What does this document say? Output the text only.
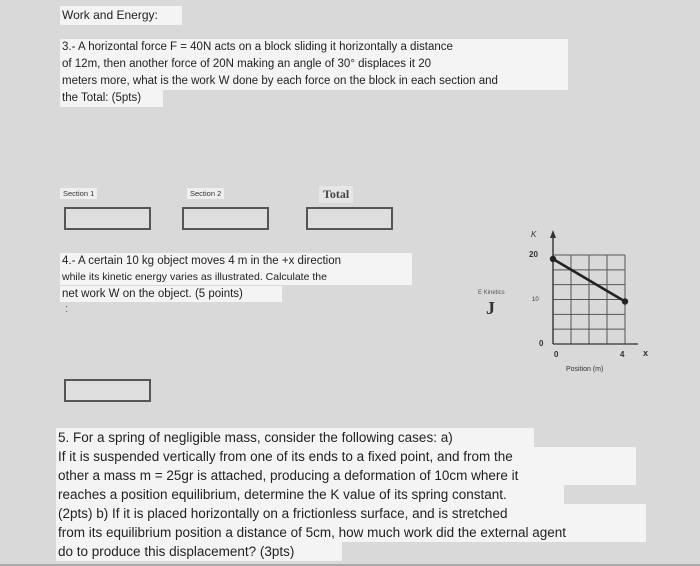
Work and Energy:
3.- A horizontal force F = 40N acts on a block sliding it horizontally a distance
of 12m, then another force of 20N making an angle of 30° displaces it 20
meters more, what is the work W done by each force on the block in each section and
the Total: (5pts)
Section 1	Section 2	Total
4.- A certain 10 kg object moves 4 m in the +x direction
while its kinetic energy varies as illustrated. Calculate the
net work W on the object. (5 points)
:
E Kinetics
J
K
20
10
0
0	4 x
Position (m)
5. For a spring of negligible mass, consider the following cases: a)
If it is suspended vertically from one of its ends to a fixed point, and from the
other a mass m = 25gr is attached, producing a deformation of 10cm where it
reaches a position equilibrium, determine the K value of its spring constant.
(2pts) b) If it is placed horizontally on a frictionless surface, and is stretched
from its equilibrium position a distance of 5cm, how much work did the external agent
do to produce this displacement? (3pts)
